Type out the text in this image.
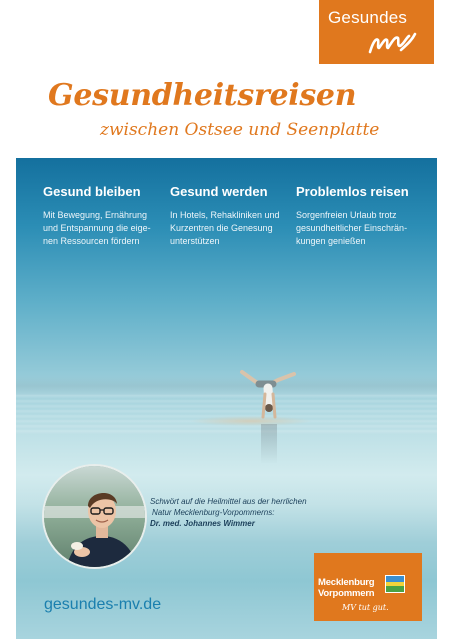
Gesundes
Gesundheitsreisen
zwischen Ostsee und Seenplatte
Gesund bleiben

Mit Bewegung, Ernährung und Entspannung die eige-nen Ressourcen fördern

Gesund werden

In Hotels, Rehakliniken und Kurzentren die Genesung unterstützen

Problemlos reisen

Sorgenfreien Urlaub trotz gesundheitlicher Einschrän-kungen genießen

Schwört auf die Heilmittel aus der herrlichen
Natur Mecklenburg-Vorpommerns:
Dr. med. Johannes Wimmer
gesundes-mv.de
Mecklenburg
Vorpommern
MV tut gut.
